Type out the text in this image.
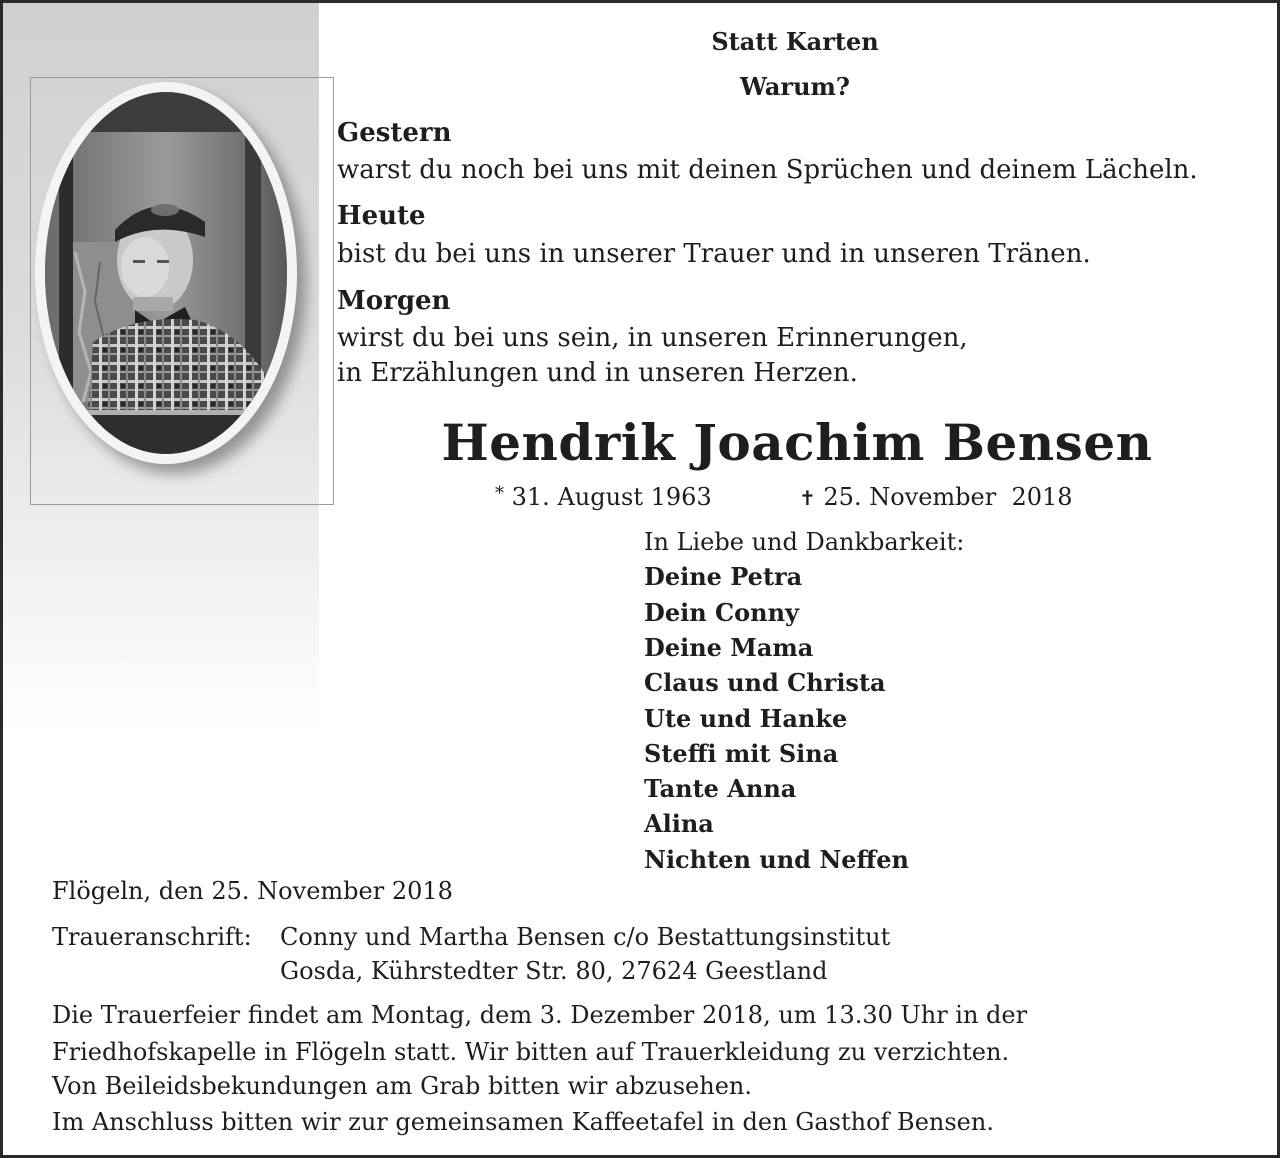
Statt Karten
Warum?
Gestern
warst du noch bei uns mit deinen Sprüchen und deinem Lächeln.
Heute
bist du bei uns in unserer Trauer und in unseren Tränen.
Morgen
wirst du bei uns sein, in unseren Erinnerungen,
in Erzählungen und in unseren Herzen.
Hendrik Joachim Bensen
* 31. August 1963	✝ 25. November  2018
In Liebe und Dankbarkeit:
Deine Petra
Dein Conny
Deine Mama
Claus und Christa
Ute und Hanke
Steffi mit Sina
Tante Anna
Alina
Nichten und Neffen
Flögeln, den 25. November 2018
Traueranschrift: Conny und Martha Bensen c/o Bestattungsinstitut
Gosda, Kührstedter Str. 80, 27624 Geestland
Die Trauerfeier findet am Montag, dem 3. Dezember 2018, um 13.30 Uhr in der
Friedhofskapelle in Flögeln statt. Wir bitten auf Trauerkleidung zu verzichten.
Von Beileidsbekundungen am Grab bitten wir abzusehen.
Im Anschluss bitten wir zur gemeinsamen Kaffeetafel in den Gasthof Bensen.
